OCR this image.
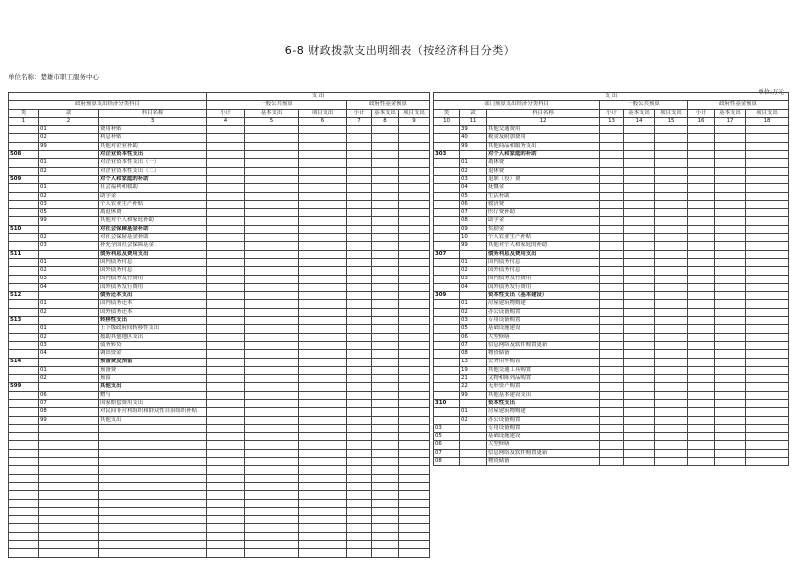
6-8 财政拨款支出明细表（按经济科目分类）
单位名称：楚雄市职工服务中心
单位:万元
			支 出					
政府预算支出经济分类科目			一般公共预算			政府性基金预算		

类	款	科目名称	小计	基本支出	项目支出	小计	基本支出	项目支出
1	2	3	4	5	6	7	8	9
	01	费用补贴						
	02	利息补贴						
	99	其他对企业补助						
508		对企业资本性支出						
	01	对企业资本性支出（一）						
	02	对企业资本性支出（二）						
509		对个人和家庭的补助						
	01	社会福利和救助						
	02	助学金						
	03	个人农业生产补贴						
	05	离退休费						
	99	其他对个人和家庭补助						
510		对社会保障基金补助						
	02	对社会保险基金补助						
	03	补充全国社会保障基金						
511		债务利息及费用支出						
	01	国内债务付息						
	02	国外债务付息						
	03	国内债务发行费用						
	04	国外债务发行费用						
512		债务还本支出						
	01	国内债务还本						
	02	国外债务还本						
513		转移性支出						
	01	上下级政府间转移性支出						
	02	援助其他地区支出						
	03	债务转贷						
	04	调出资金						
514		预备费及预留						
	01	预备费						
	02	预留						
599		其他支出						
	06	赠与						
	07	国家赔偿费用支出						
	08	对民间非营利组织和群众性自治组织补贴						
	99	其他支出						

支 出								
部门预算支出经济分类科目			一般公共预算			政府性基金预算		

类	款	科目名称	小计	基本支出	项目支出	小计	基本支出	项目支出
10	11	12	13	14	15	16	17	18
	39	其他交通费用						
	40	税金及附加费用						
	99	其他商品和服务支出						
303		对个人和家庭的补助						
	01	离休费						
	02	退休费						
	03	退职（役）费						
	04	抚恤金						
	05	生活补助						
	06	救济费						
	07	医疗费补助						
	08	助学金						
	09	奖励金						
	10	个人农业生产补贴						
	99	其他对个人和家庭的补助						
307		债务利息及费用支出						
	01	国内债务付息						
	02	国外债务付息						
	03	国内债务发行费用						
	04	国外债务发行费用						
309		资本性支出（基本建设）						
	01	房屋建筑物购建						
	02	办公设备购置						
	03	专用设备购置						
	05	基础设施建设						
	06	大型修缮						
	07	信息网络及软件购置更新						
	08	物资储备						
	13	公务用车购置						
	19	其他交通工具购置						
	21	文物和陈列品购置						
	22	无形资产购置						
	99	其他基本建设支出						
310		资本性支出						
	01	房屋建筑物购建						
	02	办公设备购置						
03		专用设备购置						
05		基础设施建设						
06		大型修缮						
07		信息网络及软件购置更新						
08		物资储备						
